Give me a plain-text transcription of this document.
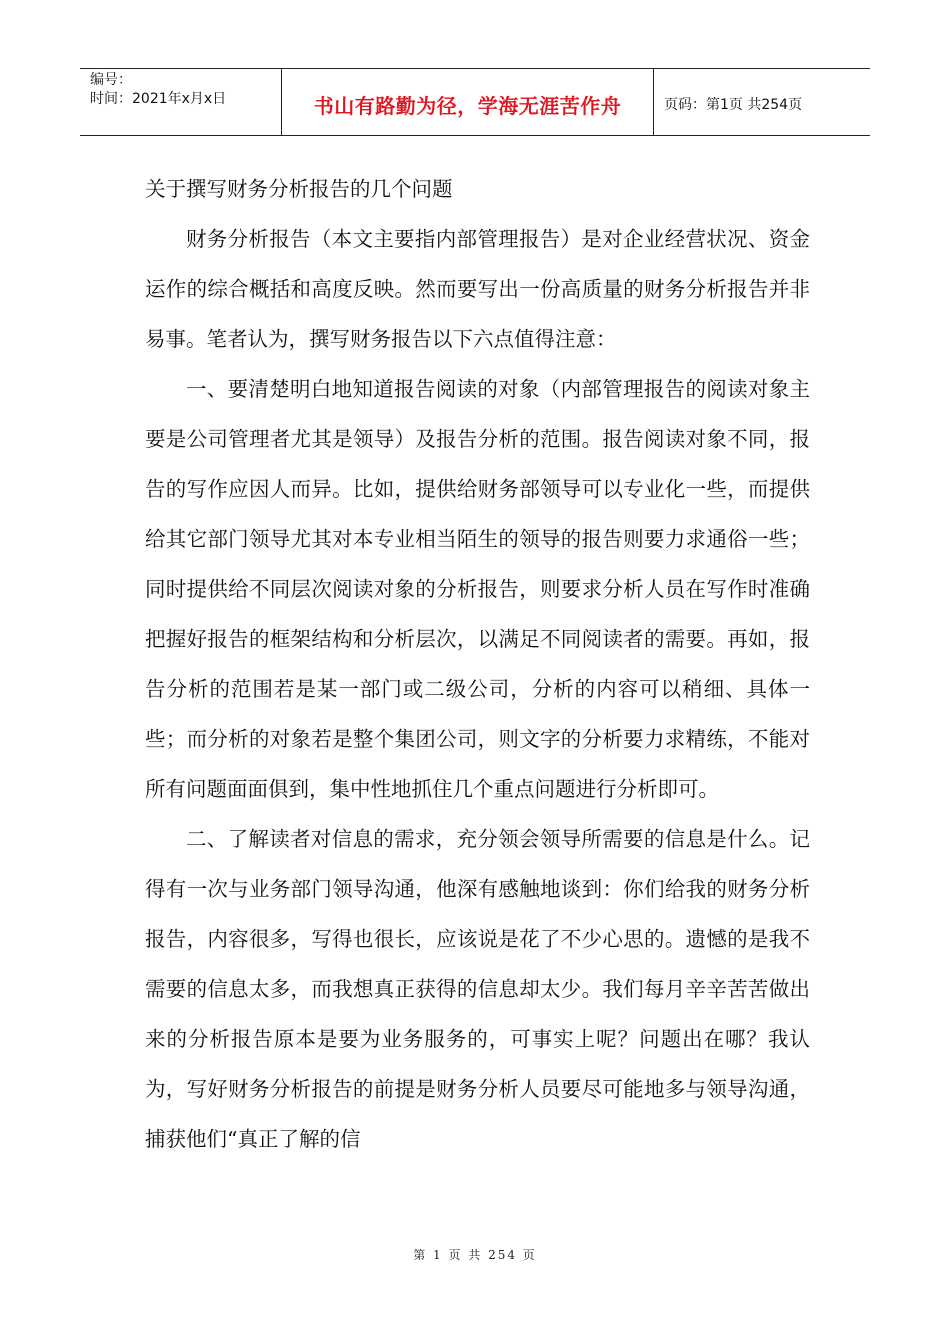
编号：
时间：2021年x月x日	书山有路勤为径，学海无涯苦作舟	页码：第1页 共254页

关于撰写财务分析报告的几个问题

财务分析报告（本文主要指内部管理报告）是对企业经营状况、资金运作的综合概括和高度反映。然而要写出一份高质量的财务分析报告并非易事。笔者认为，撰写财务报告以下六点值得注意：

一、要清楚明白地知道报告阅读的对象（内部管理报告的阅读对象主要是公司管理者尤其是领导）及报告分析的范围。报告阅读对象不同，报告的写作应因人而异。比如，提供给财务部领导可以专业化一些，而提供给其它部门领导尤其对本专业相当陌生的领导的报告则要力求通俗一些；同时提供给不同层次阅读对象的分析报告，则要求分析人员在写作时准确把握好报告的框架结构和分析层次，以满足不同阅读者的需要。再如，报告分析的范围若是某一部门或二级公司，分析的内容可以稍细、具体一些；而分析的对象若是整个集团公司，则文字的分析要力求精练，不能对所有问题面面俱到，集中性地抓住几个重点问题进行分析即可。

二、了解读者对信息的需求，充分领会领导所需要的信息是什么。记得有一次与业务部门领导沟通，他深有感触地谈到：你们给我的财务分析报告，内容很多，写得也很长，应该说是花了不少心思的。遗憾的是我不需要的信息太多，而我想真正获得的信息却太少。我们每月辛辛苦苦做出来的分析报告原本是要为业务服务的，可事实上呢？问题出在哪？我认为，写好财务分析报告的前提是财务分析人员要尽可能地多与领导沟通，捕获他们“真正了解的信

第 1 页 共 254 页
